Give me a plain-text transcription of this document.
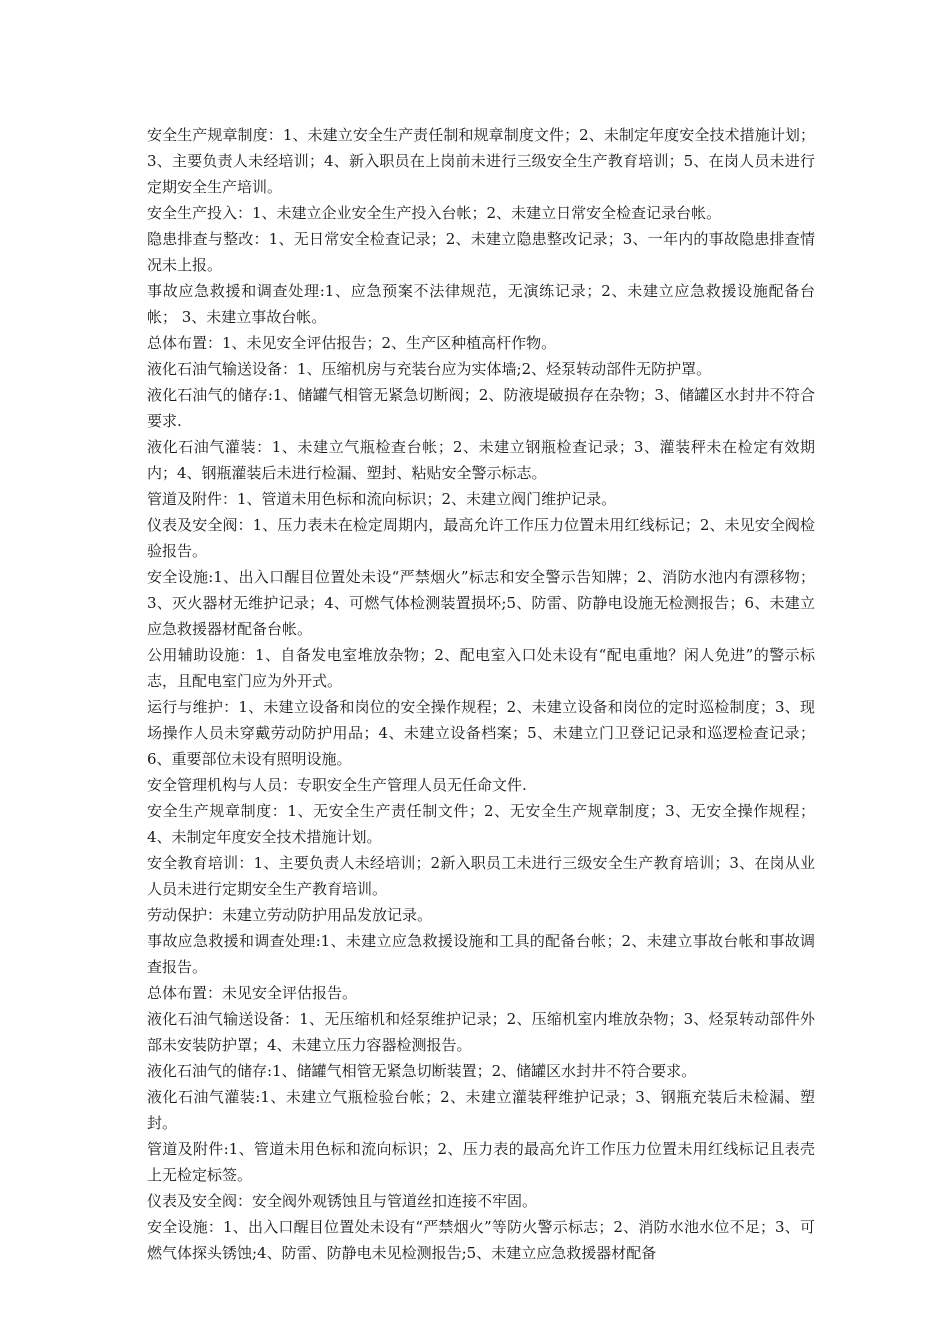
安全生产规章制度：1、未建立安全生产责任制和规章制度文件；2、未制定年度安全技术措施计划；3、主要负责人未经培训；4、新入职员在上岗前未进行三级安全生产教育培训；5、在岗人员未进行定期安全生产培训。

安全生产投入：1、未建立企业安全生产投入台帐；2、未建立日常安全检查记录台帐。

隐患排查与整改：1、无日常安全检查记录；2、未建立隐患整改记录；3、一年内的事故隐患排查情况未上报。

事故应急救援和调查处理:1、应急预案不法律规范，无演练记录；2、未建立应急救援设施配备台帐； 3、未建立事故台帐。

总体布置：1、未见安全评估报告；2、生产区种植高杆作物。

液化石油气输送设备：1、压缩机房与充装台应为实体墙;2、烃泵转动部件无防护罩。

液化石油气的储存:1、储罐气相管无紧急切断阀；2、防液堤破损存在杂物；3、储罐区水封井不符合要求.

液化石油气灌装：1、未建立气瓶检查台帐；2、未建立钢瓶检查记录；3、灌装秤未在检定有效期内；4、钢瓶灌装后未进行检漏、塑封、粘贴安全警示标志。

管道及附件：1、管道未用色标和流向标识；2、未建立阀门维护记录。

仪表及安全阀：1、压力表未在检定周期内，最高允许工作压力位置未用红线标记；2、未见安全阀检验报告。

安全设施:1、出入口醒目位置处未设“严禁烟火”标志和安全警示告知牌；2、消防水池内有漂移物；3、灭火器材无维护记录；4、可燃气体检测装置损坏;5、防雷、防静电设施无检测报告；6、未建立应急救援器材配备台帐。

公用辅助设施：1、自备发电室堆放杂物；2、配电室入口处未设有“配电重地？闲人免进”的警示标志，且配电室门应为外开式。

运行与维护：1、未建立设备和岗位的安全操作规程；2、未建立设备和岗位的定时巡检制度；3、现场操作人员未穿戴劳动防护用品；4、未建立设备档案；5、未建立门卫登记记录和巡逻检查记录；6、重要部位未设有照明设施。

安全管理机构与人员：专职安全生产管理人员无任命文件.

安全生产规章制度：1、无安全生产责任制文件；2、无安全生产规章制度；3、无安全操作规程；4、未制定年度安全技术措施计划。

安全教育培训：1、主要负责人未经培训；2新入职员工未进行三级安全生产教育培训；3、在岗从业人员未进行定期安全生产教育培训。

劳动保护：未建立劳动防护用品发放记录。

事故应急救援和调查处理:1、未建立应急救援设施和工具的配备台帐；2、未建立事故台帐和事故调查报告。

总体布置：未见安全评估报告。

液化石油气输送设备：1、无压缩机和烃泵维护记录；2、压缩机室内堆放杂物；3、烃泵转动部件外部未安装防护罩；4、未建立压力容器检测报告。

液化石油气的储存:1、储罐气相管无紧急切断装置；2、储罐区水封井不符合要求。

液化石油气灌装:1、未建立气瓶检验台帐；2、未建立灌装秤维护记录；3、钢瓶充装后未检漏、塑封。

管道及附件:1、管道未用色标和流向标识；2、压力表的最高允许工作压力位置未用红线标记且表壳上无检定标签。

仪表及安全阀：安全阀外观锈蚀且与管道丝扣连接不牢固。

安全设施：1、出入口醒目位置处未设有“严禁烟火”等防火警示标志；2、消防水池水位不足；3、可燃气体探头锈蚀;4、防雷、防静电未见检测报告;5、未建立应急救援器材配备
